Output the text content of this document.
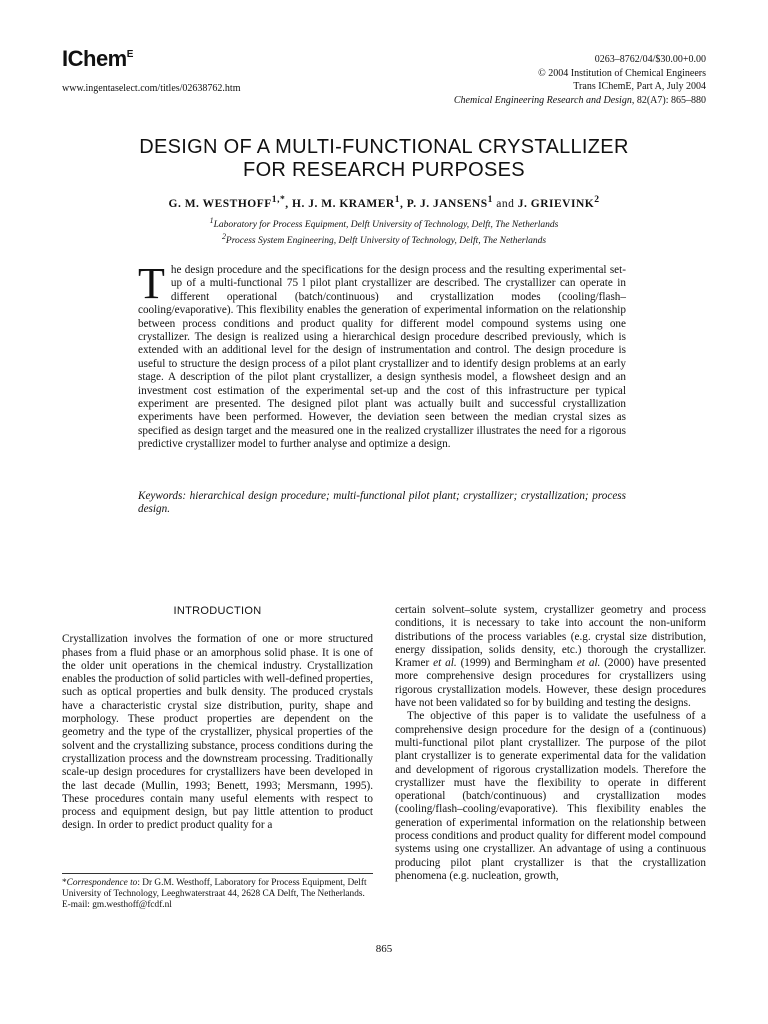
IChem$^E$
www.ingentaselect.com/titles/02638762.htm
0263–8762/04/$30.00+0.00
© 2004 Institution of Chemical Engineers
Trans IChemE, Part A, July 2004
Chemical Engineering Research and Design, 82(A7): 865–880
DESIGN OF A MULTI-FUNCTIONAL CRYSTALLIZER
FOR RESEARCH PURPOSES
G. M. $WESTHOFF^{1,*}$, H. J. M. KRAMER$^1$, P. J. JANSENS$^1$ and J. GRIEVINK$^2$
$^1$Laboratory for Process Equipment, Delft University of Technology, Delft, The Netherlands
$^2$Process System Engineering, Delft University of Technology, Delft, The Netherlands
The design procedure and the specifications for the design process and the resulting experimental set-up of a multi-functional 75 l pilot plant crystallizer are described. The crystallizer can operate in different operational (batch/continuous) and crystallization modes (cooling/flash–cooling/evaporative). This flexibility enables the generation of experimental information on the relationship between process conditions and product quality for different model compound systems using one crystallizer. The design is realized using a hierarchical design procedure described previously, which is extended with an additional level for the design of instrumentation and control. The design procedure is useful to structure the design process of a pilot plant crystallizer and to identify design problems at an early stage. A description of the pilot plant crystallizer, a design synthesis model, a flowsheet design and an investment cost estimation of the experimental set-up and the cost of this infrastructure per typical experiment are presented. The designed pilot plant was actually built and successful crystallization experiments have been performed. However, the deviation seen between the median crystal sizes as specified as design target and the measured one in the realized crystallizer illustrates the need for a rigorous predictive crystallizer model to further analyse and optimize a design.
Keywords: hierarchical design procedure; multi-functional pilot plant; crystallizer; crystallization; process design.
INTRODUCTION

Crystallization involves the formation of one or more structured phases from a fluid phase or an amorphous solid phase. It is one of the older unit operations in the chemical industry. Crystallization enables the production of solid particles with well-defined properties, such as optical properties and bulk density. The produced crystals have a characteristic crystal size distribution, purity, shape and morphology. These product properties are dependent on the geometry and the type of the crystallizer, physical properties of the solvent and the crystallizing substance, process conditions during the crystallization process and the downstream processing. Traditionally scale-up design procedures for crystallizers have been developed in the last decade (Mullin, 1993; Benett, 1993; Mersmann, 1995). These procedures contain many useful elements with respect to process and equipment design, but pay little attention to product design. In order to predict product quality for a

certain solvent–solute system, crystallizer geometry and process conditions, it is necessary to take into account the non-uniform distributions of the process variables (e.g. crystal size distribution, energy dissipation, solids density, etc.) thorough the crystallizer. Kramer et al. (1999) and Bermingham et al. (2000) have presented more comprehensive design procedures for crystallizers using rigorous crystallization models. However, these design procedures have not been validated so for by building and testing the designs.

The objective of this paper is to validate the usefulness of a comprehensive design procedure for the design of a (continuous) multi-functional pilot plant crystallizer. The purpose of the pilot plant crystallizer is to generate experimental data for the validation and development of rigorous crystallization models. Therefore the crystallizer must have the flexibility to operate in different operational (batch/continuous) and crystallization modes (cooling/flash–cooling/evaporative). This flexibility enables the generation of experimental information on the relationship between process conditions and product quality for different model compound systems using one crystallizer. An advantage of using a continuous producing pilot plant crystallizer is that the crystallization phenomena (e.g. nucleation, growth,

*Correspondence to: Dr G.M. Westhoff, Laboratory for Process Equipment, Delft University of Technology, Leeghwaterstraat 44, 2628 CA Delft, The Netherlands.
E-mail: gm.westhoff@fcdf.nl
865
